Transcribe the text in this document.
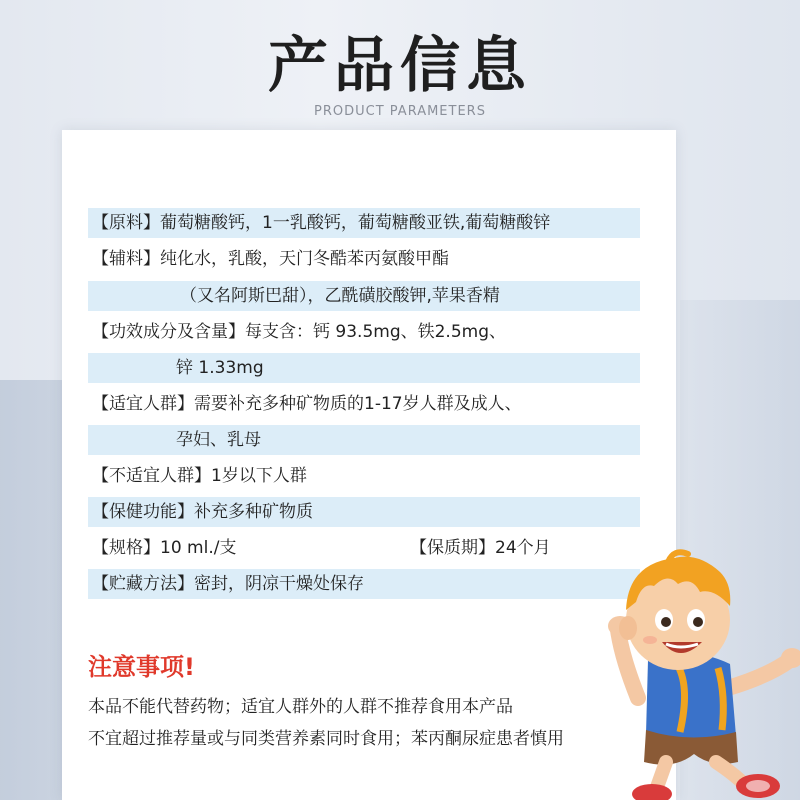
产品信息
PRODUCT PARAMETERS
【原料】葡萄糖酸钙，1一乳酸钙，葡萄糖酸亚铁,葡萄糖酸锌
【辅料】纯化水，乳酸，天门冬酷苯丙氨酸甲酯
（又名阿斯巴甜），乙酰磺胶酸钾,苹果香精
【功效成分及含量】每支含：钙 93.5mg、铁2.5mg、
锌 1.33mg
【适宜人群】需要补充多种矿物质的1-17岁人群及成人、
孕妇、乳母
【不适宜人群】1岁以下人群
【保健功能】补充多种矿物质
【规格】10 ml./支	【保质期】24个月
【贮藏方法】密封，阴凉干燥处保存
注意事项!
本品不能代替药物；适宜人群外的人群不推荐食用本产品
不宜超过推荐量或与同类营养素同时食用；苯丙酮尿症患者慎用
